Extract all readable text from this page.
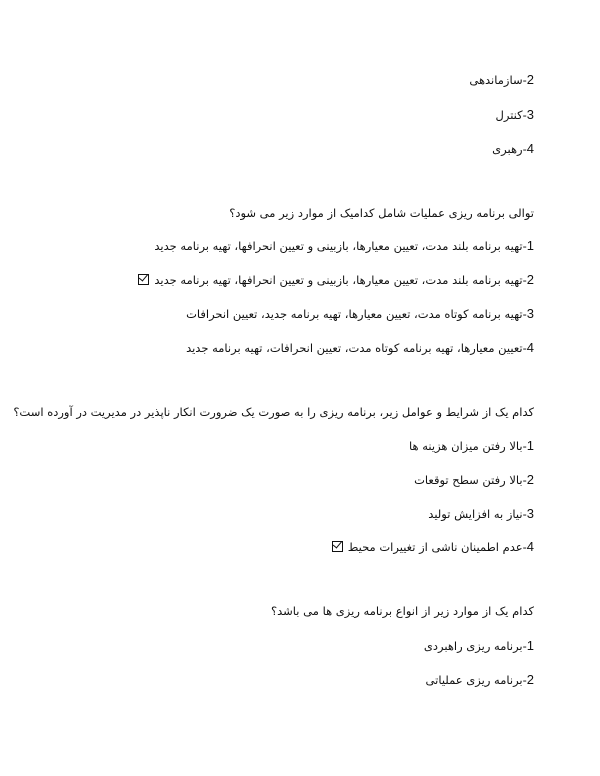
2-سازماندهی
3-کنترل
4-رهبری
توالی برنامه ریزی عملیات شامل کدامیک از موارد زیر می شود؟
1-تهیه برنامه بلند مدت، تعیین معیارها، بازبینی و تعیین انحرافها، تهیه برنامه جدید
2-تهیه برنامه بلند مدت، تعیین معیارها، بازبینی و تعیین انحرافها، تهیه برنامه جدید
3-تهیه برنامه کوتاه مدت، تعیین معیارها، تهیه برنامه جدید، تعیین انحرافات
4-تعیین معیارها، تهیه برنامه کوتاه مدت، تعیین انحرافات، تهیه برنامه جدید
کدام یک از شرایط و عوامل زیر، برنامه ریزی را به صورت یک ضرورت انکار ناپذیر در مدیریت در آورده است؟
1-بالا رفتن میزان هزینه ها
2-بالا رفتن سطح توقعات
3-نیاز به افزایش تولید
4-عدم اطمینان ناشی از تغییرات محیط
کدام یک از موارد زیر از انواع برنامه ریزی ها می باشد؟
1-برنامه ریزی راهبردی
2-برنامه ریزی عملیاتی
